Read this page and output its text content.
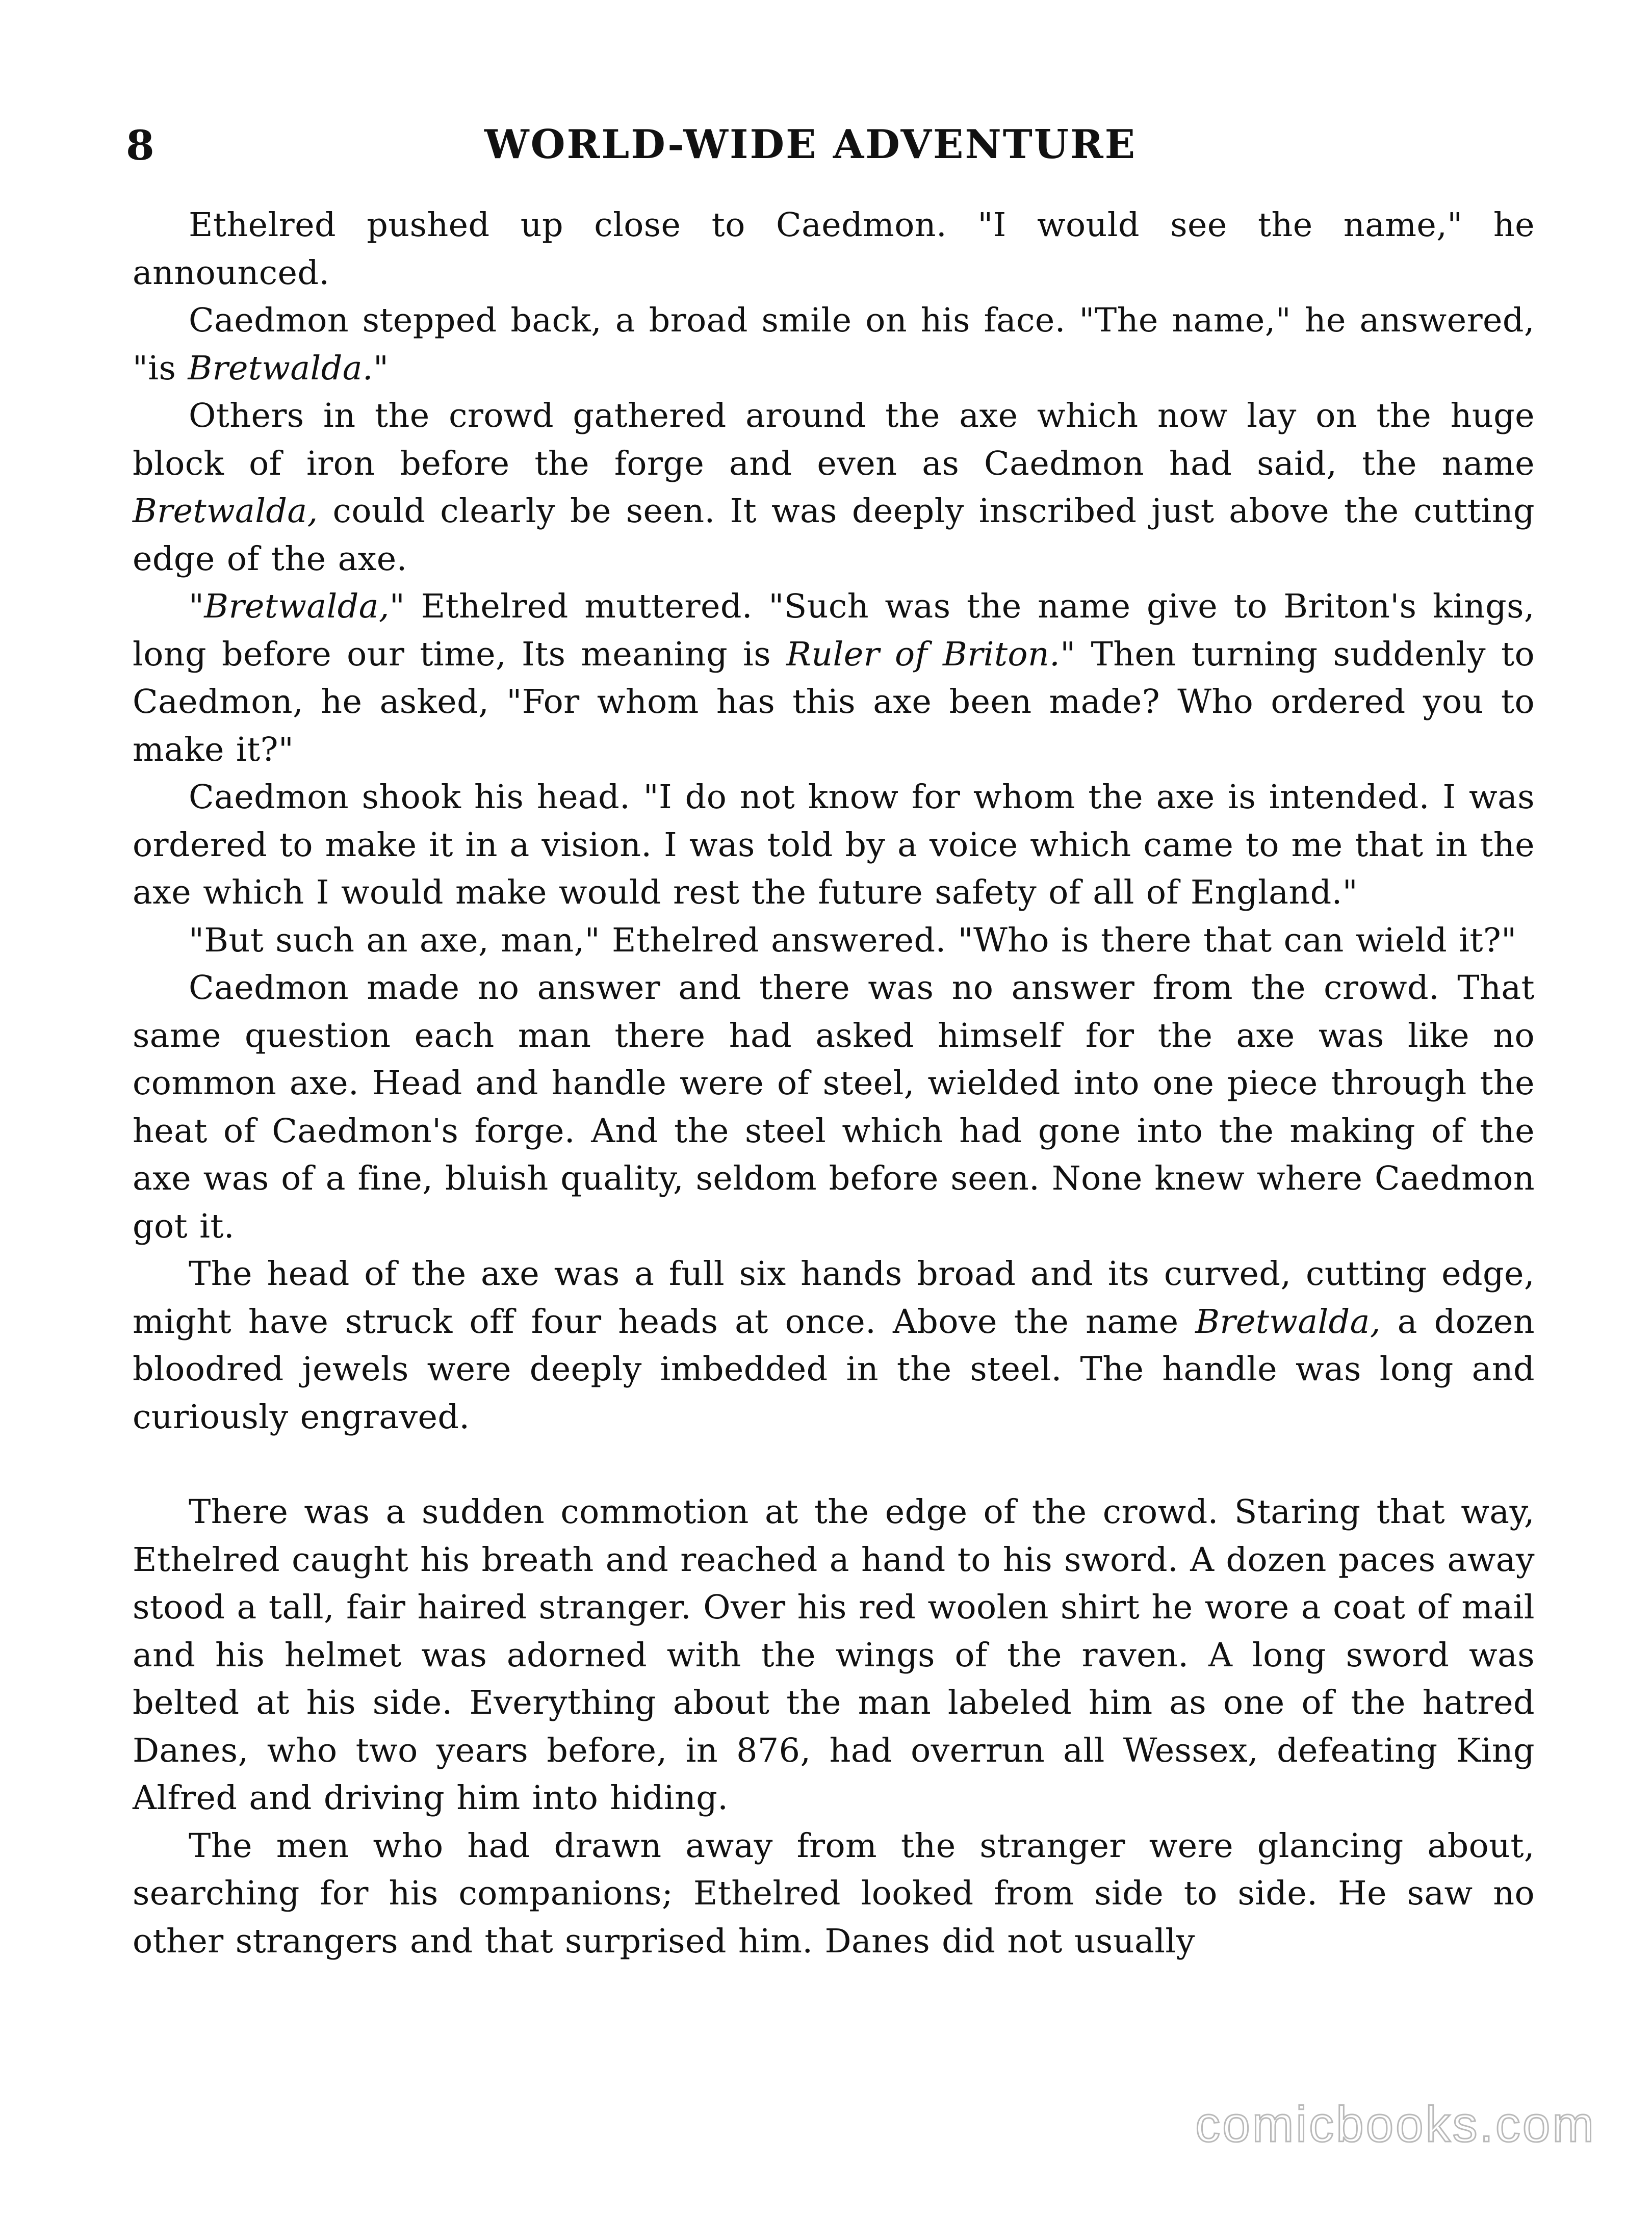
8	WORLD-WIDE ADVENTURE

Ethelred pushed up close to Caedmon. "I would see the name," he announced.

Caedmon stepped back, a broad smile on his face. "The name," he answered, "is Bretwalda."

Others in the crowd gathered around the axe which now lay on the huge block of iron before the forge and even as Caedmon had said, the name Bretwalda, could clearly be seen. It was deeply inscribed just above the cutting edge of the axe.

"Bretwalda," Ethelred muttered. "Such was the name give to Briton's kings, long before our time, Its meaning is Ruler of Briton." Then turning suddenly to Caedmon, he asked, "For whom has this axe been made? Who ordered you to make it?"

Caedmon shook his head. "I do not know for whom the axe is intended. I was ordered to make it in a vision. I was told by a voice which came to me that in the axe which I would make would rest the future safety of all of England."

"But such an axe, man," Ethelred answered. "Who is there that can wield it?"

Caedmon made no answer and there was no answer from the crowd. That same question each man there had asked himself for the axe was like no common axe. Head and handle were of steel, wielded into one piece through the heat of Caedmon's forge. And the steel which had gone into the making of the axe was of a fine, bluish quality, seldom before seen. None knew where Caedmon got it.

The head of the axe was a full six hands broad and its curved, cutting edge, might have struck off four heads at once. Above the name Bretwalda, a dozen bloodred jewels were deeply imbedded in the steel. The handle was long and curiously engraved.

There was a sudden commotion at the edge of the crowd. Staring that way, Ethelred caught his breath and reached a hand to his sword. A dozen paces away stood a tall, fair haired stranger. Over his red woolen shirt he wore a coat of mail and his helmet was adorned with the wings of the raven. A long sword was belted at his side. Everything about the man labeled him as one of the hatred Danes, who two years before, in 876, had overrun all Wessex, defeating King Alfred and driving him into hiding.

The men who had drawn away from the stranger were glancing about, searching for his companions; Ethelred looked from side to side. He saw no other strangers and that surprised him. Danes did not usually

comicbooks.com
